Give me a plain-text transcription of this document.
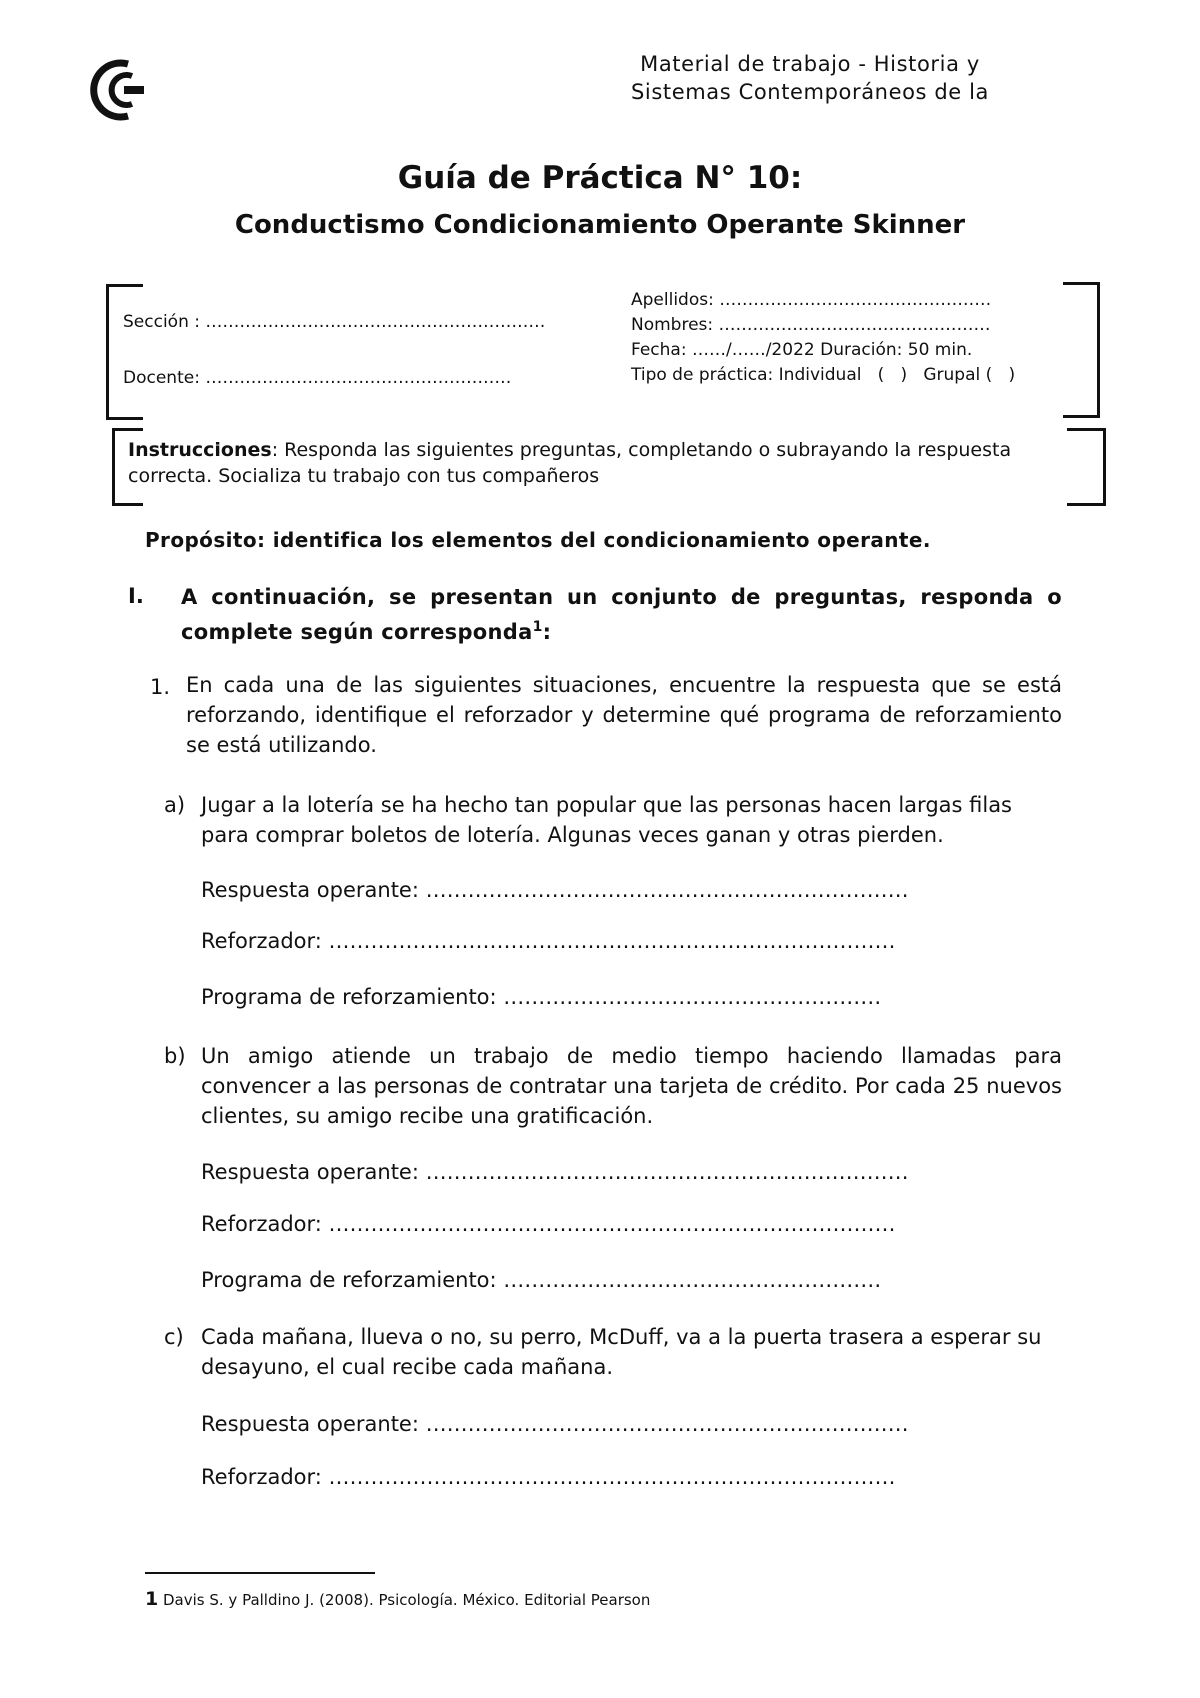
Material de trabajo - Historia y
Sistemas Contemporáneos de la
Guía de Práctica N° 10:
Conductismo Condicionamiento Operante Skinner
Sección : ……………………………………………………
Docente: ………………………………………………
Apellidos: …………………………………………
Nombres: …………………………………………
Fecha: ……/……/2022 Duración: 50 min.
Tipo de práctica: Individual   (   )   Grupal (   )
Instrucciones: Responda las siguientes preguntas, completando o subrayando la respuesta correcta. Socializa tu trabajo con tus compañeros
Propósito: identifica los elementos del condicionamiento operante.
I. A continuación, se presentan un conjunto de preguntas, responda o complete según corresponda$^1$:
1. En cada una de las siguientes situaciones, encuentre la respuesta que se está reforzando, identifique el reforzador y determine qué programa de reforzamiento se está utilizando.
a) Jugar a la lotería se ha hecho tan popular que las personas hacen largas filas para comprar boletos de lotería. Algunas veces ganan y otras pierden.
Respuesta operante: ……………………………………………………………
Reforzador: ………………………………………………………………………
Programa de reforzamiento: ………………………………………………
b) Un amigo atiende un trabajo de medio tiempo haciendo llamadas para convencer a las personas de contratar una tarjeta de crédito. Por cada 25 nuevos clientes, su amigo recibe una gratificación.
Respuesta operante: ……………………………………………………………
Reforzador: ………………………………………………………………………
Programa de reforzamiento: ………………………………………………
c) Cada mañana, llueva o no, su perro, McDuff, va a la puerta trasera a esperar su desayuno, el cual recibe cada mañana.
Respuesta operante: ……………………………………………………………
Reforzador: ………………………………………………………………………
1 Davis S. y Palldino J. (2008). Psicología. México. Editorial Pearson
